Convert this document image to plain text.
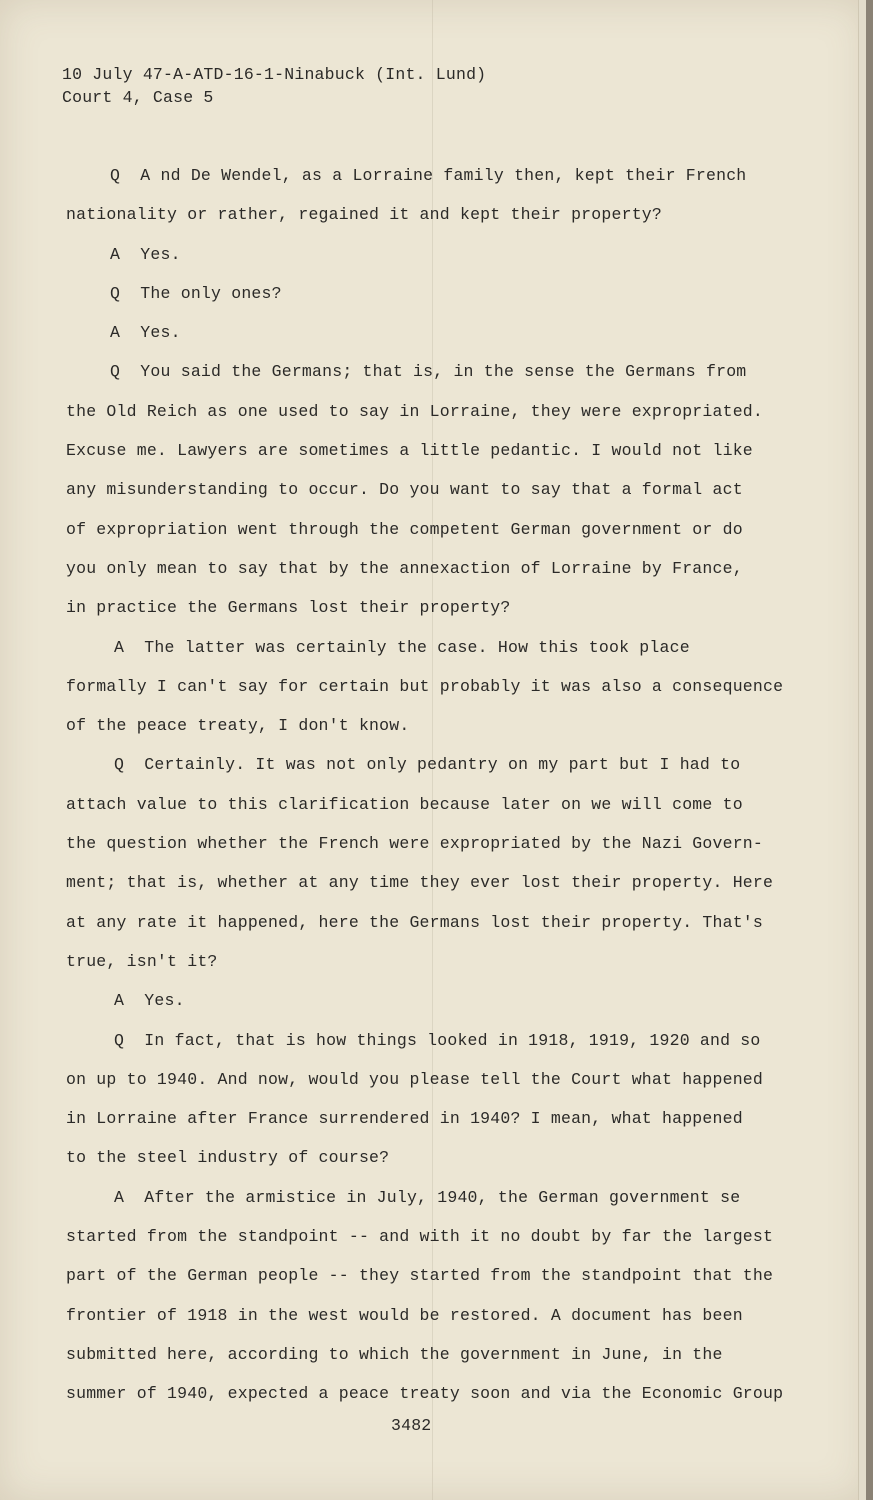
10 July 47-A-ATD-16-1-Ninabuck (Int. Lund)
Court 4, Case 5
Q  A nd De Wendel, as a Lorraine family then, kept their French
nationality or rather, regained it and kept their property?
A  Yes.
Q  The only ones?
A  Yes.
Q  You said the Germans; that is, in the sense the Germans from
the Old Reich as one used to say in Lorraine, they were expropriated.
Excuse me. Lawyers are sometimes a little pedantic. I would not like
any misunderstanding to occur. Do you want to say that a formal act
of expropriation went through the competent German government or do
you only mean to say that by the annexaction of Lorraine by France,
in practice the Germans lost their property?
A  The latter was certainly the case. How this took place
formally I can't say for certain but probably it was also a consequence
of the peace treaty, I don't know.
Q  Certainly. It was not only pedantry on my part but I had to
attach value to this clarification because later on we will come to
the question whether the French were expropriated by the Nazi Govern-
ment; that is, whether at any time they ever lost their property. Here
at any rate it happened, here the Germans lost their property. That's
true, isn't it?
A  Yes.
Q  In fact, that is how things looked in 1918, 1919, 1920 and so
on up to 1940. And now, would you please tell the Court what happened
in Lorraine after France surrendered in 1940? I mean, what happened
to the steel industry of course?
A  After the armistice in July, 1940, the German government se
started from the standpoint -- and with it no doubt by far the largest
part of the German people -- they started from the standpoint that the
frontier of 1918 in the west would be restored. A document has been
submitted here, according to which the government in June, in the
summer of 1940, expected a peace treaty soon and via the Economic Group
3482
